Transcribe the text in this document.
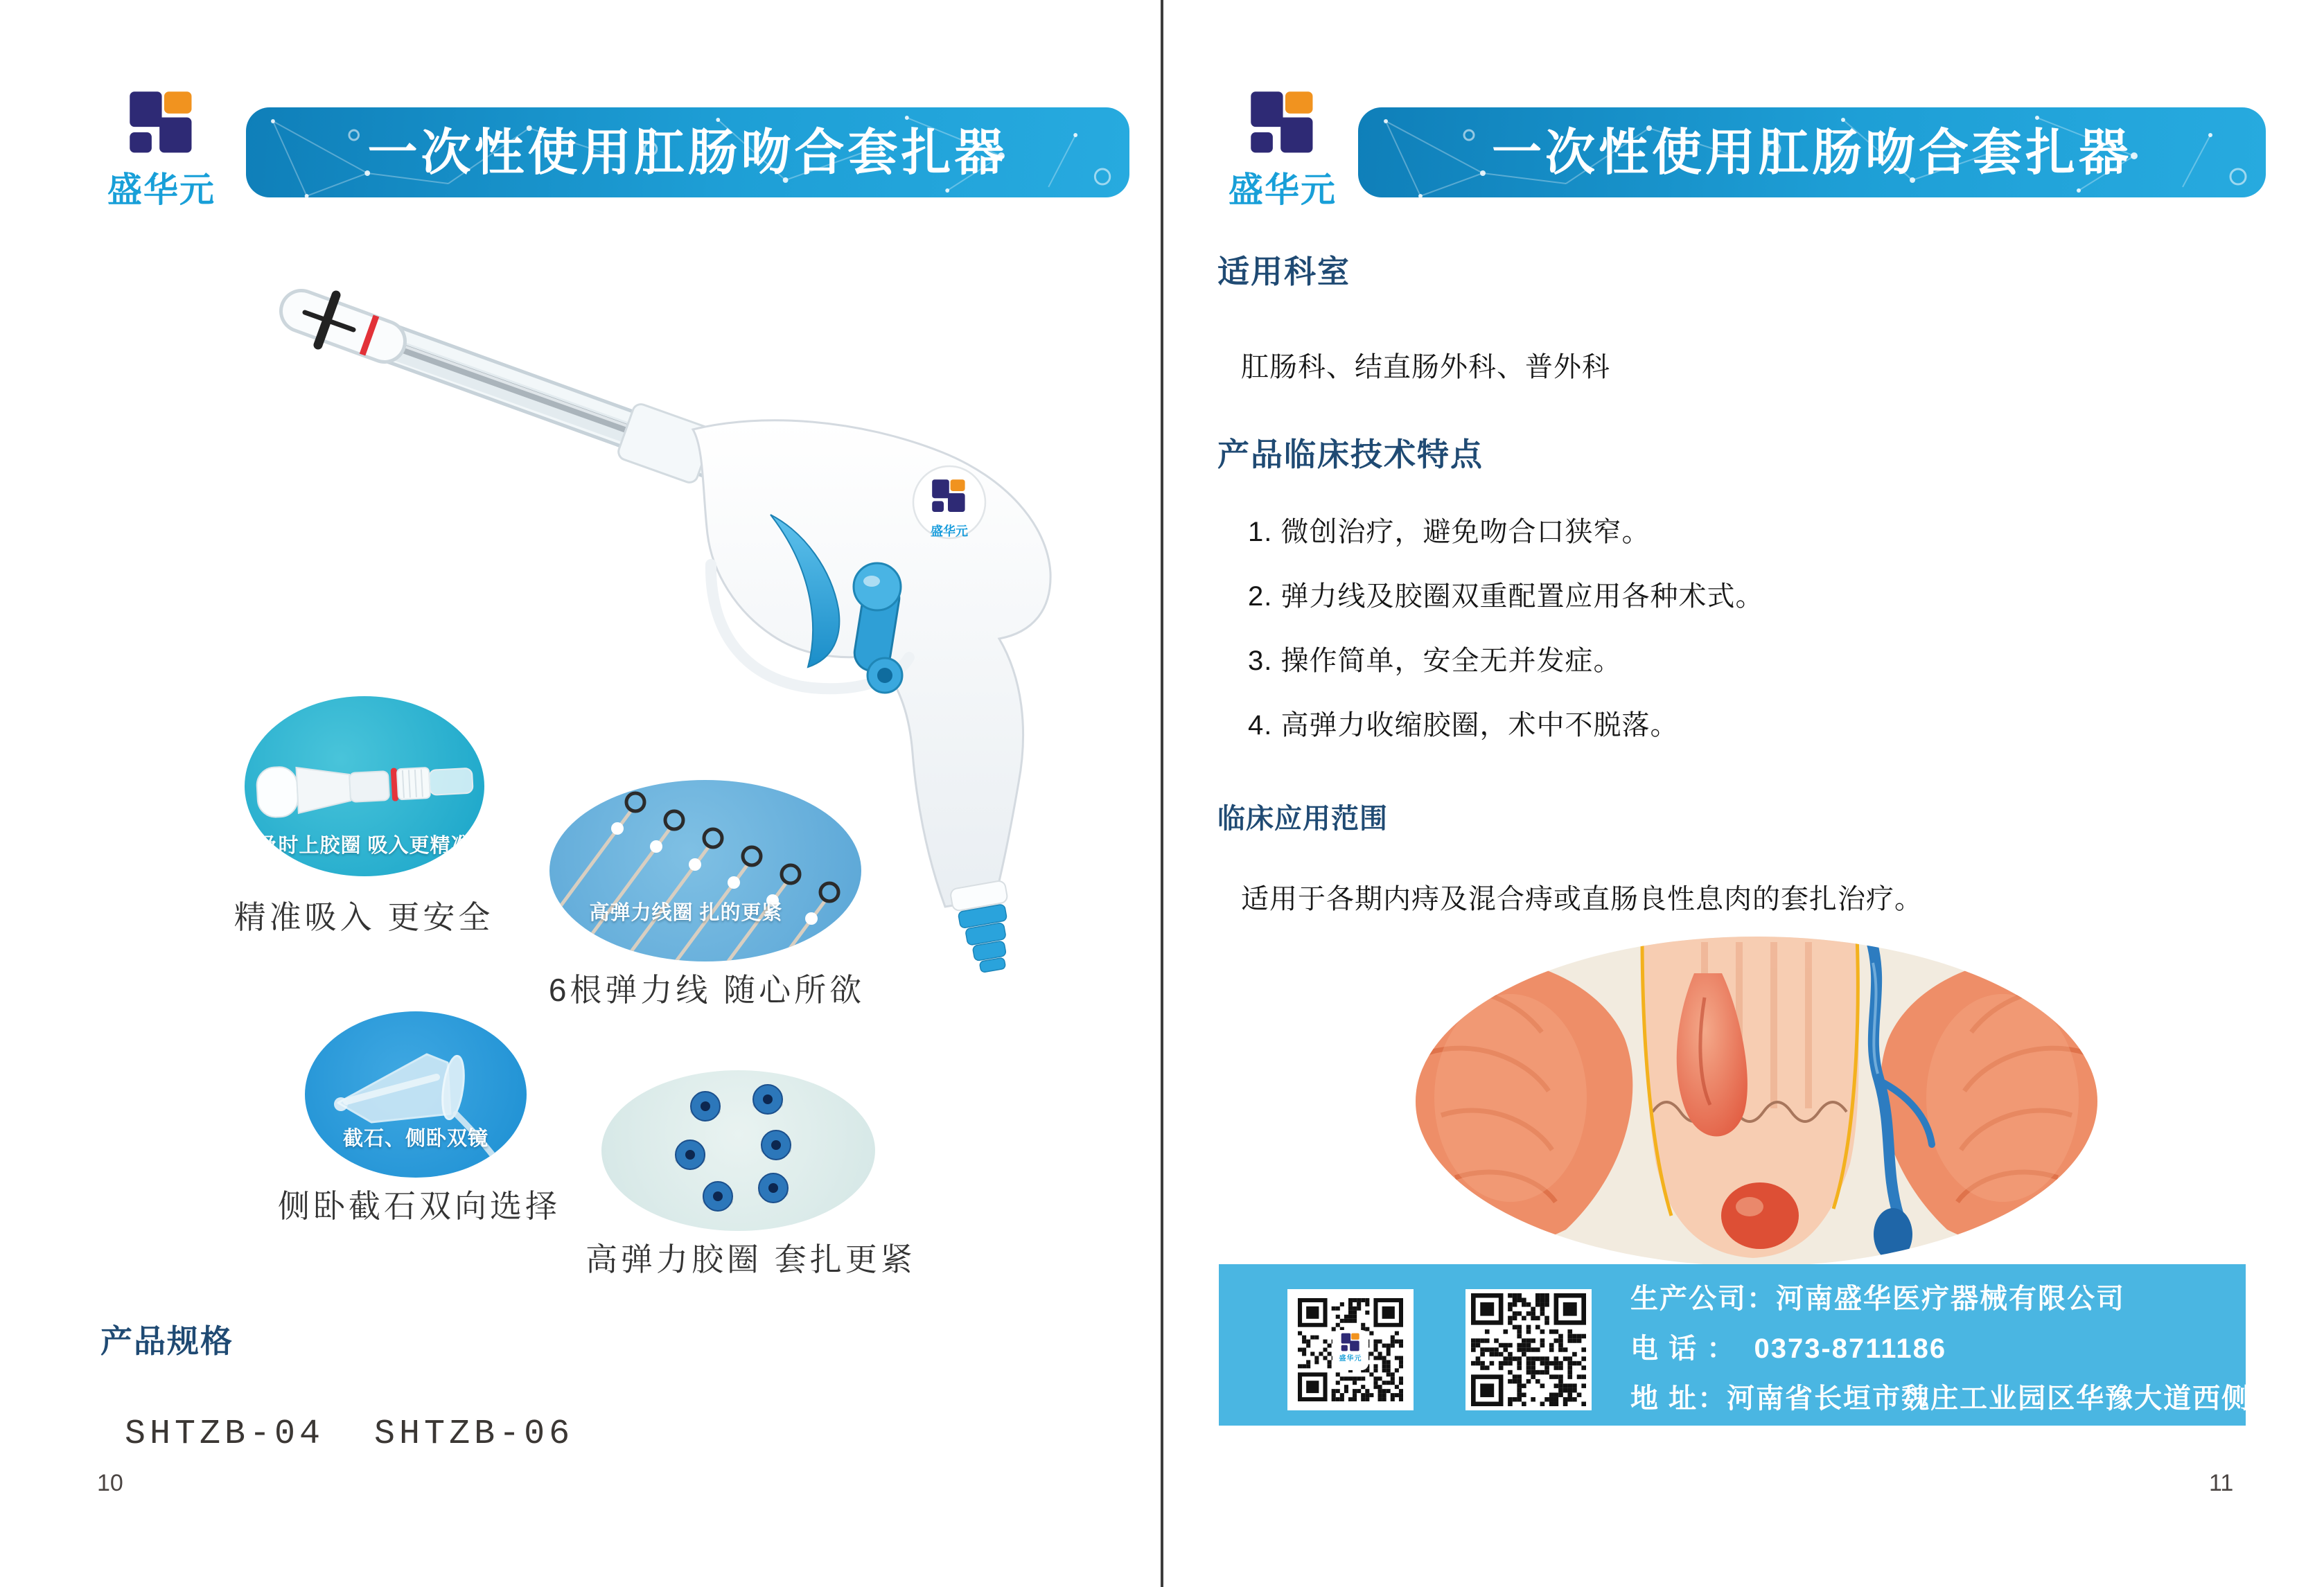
盛华元
一次性使用肛肠吻合套扎器
盛华元
及时上胶圈 吸入更精准
精准吸入 更安全	高弹力线圈 扎的更紧
6根弹力线 随心所欲
截石、侧卧双镜
侧卧截石双向选择
高弹力胶圈 套扎更紧
产品规格
SHTZB-04  SHTZB-06
10
盛华元
一次性使用肛肠吻合套扎器
适用科室
肛肠科、结直肠外科、普外科
产品临床技术特点
1. 微创治疗，避免吻合口狭窄。
2. 弹力线及胶圈双重配置应用各种术式。
3. 操作简单，安全无并发症。
4. 高弹力收缩胶圈，术中不脱落。
临床应用范围
适用于各期内痔及混合痔或直肠良性息肉的套扎治疗。
盛华元
生产公司：河南盛华医疗器械有限公司
电 话 ：  0373-8711186
地 址：河南省长垣市魏庄工业园区华豫大道西侧
11
